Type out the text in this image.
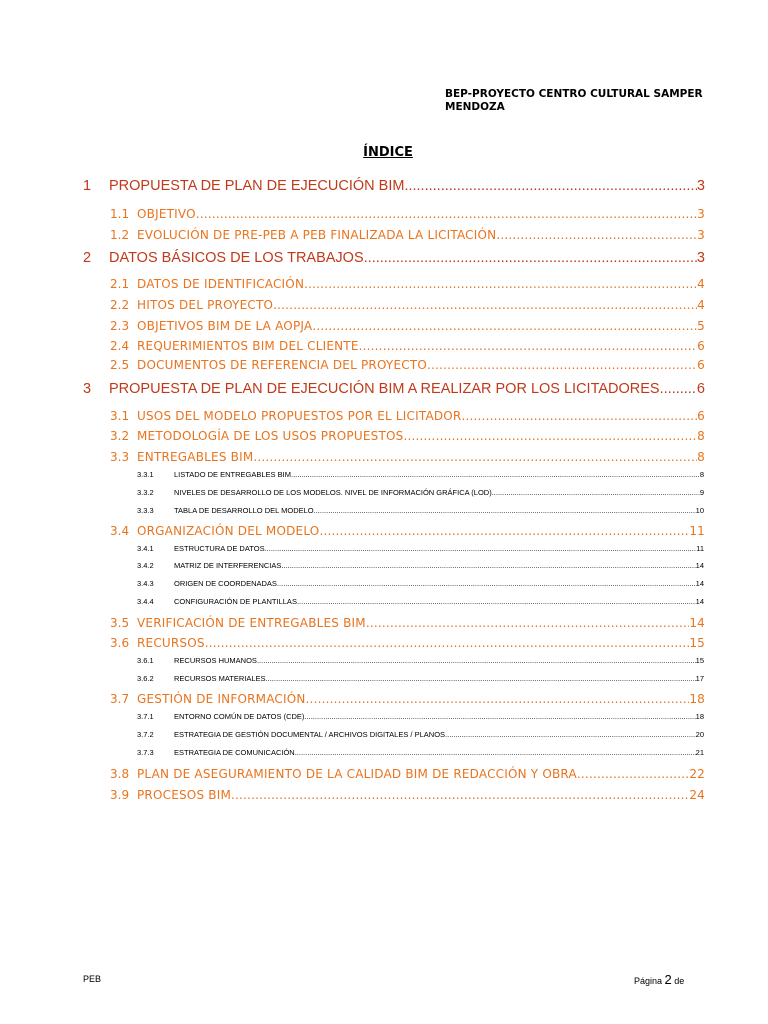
BEP-PROYECTO CENTRO CULTURAL SAMPER MENDOZA
ÍNDICE
1	PROPUESTA DE PLAN DE EJECUCIÓN BIM .....	3
1.1 OBJETIVO .....	3
1.2 EVOLUCIÓN DE PRE-PEB A PEB FINALIZADA LA LICITACIÓN .....	3
2	DATOS BÁSICOS DE LOS TRABAJOS .....	3
2.1 DATOS DE IDENTIFICACIÓN .....	4
2.2 HITOS DEL PROYECTO .....	4
2.3 OBJETIVOS BIM DE LA AOPJA .....	5
2.4 REQUERIMIENTOS BIM DEL CLIENTE .....	6
2.5 DOCUMENTOS DE REFERENCIA DEL PROYECTO .....	6
3	PROPUESTA DE PLAN DE EJECUCIÓN BIM A REALIZAR POR LOS LICITADORES .....	6
3.1 USOS DEL MODELO PROPUESTOS POR EL LICITADOR .....	6
3.2 METODOLOGÍA DE LOS USOS PROPUESTOS .....	8
3.3 ENTREGABLES BIM .....	8
3.3.1	LISTADO DE ENTREGABLES BIM .....	8
3.3.2	NIVELES DE DESARROLLO DE LOS MODELOS. NIVEL DE INFORMACIÓN GRÁFICA (LOD) .....	9
3.3.3	TABLA DE DESARROLLO DEL MODELO .....	10
3.4 ORGANIZACIÓN DEL MODELO .....	11
3.4.1	ESTRUCTURA DE DATOS .....	11
3.4.2	MATRIZ DE INTERFERENCIAS .....	14
3.4.3	ORIGEN DE COORDENADAS .....	14
3.4.4	CONFIGURACIÓN DE PLANTILLAS .....	14
3.5 VERIFICACIÓN DE ENTREGABLES BIM .....	14
3.6 RECURSOS .....	15
3.6.1	RECURSOS HUMANOS .....	15
3.6.2	RECURSOS MATERIALES .....	17
3.7 GESTIÓN DE INFORMACIÓN .....	18
3.7.1	ENTORNO COMÚN DE DATOS (CDE) .....	18
3.7.2	ESTRATEGIA DE GESTIÓN DOCUMENTAL / ARCHIVOS DIGITALES / PLANOS .....	20
3.7.3	ESTRATEGIA DE COMUNICACIÓN .....	21
3.8 PLAN DE ASEGURAMIENTO DE LA CALIDAD BIM DE REDACCIÓN Y OBRA .....	22
3.9 PROCESOS BIM .....	24
PEB	Página 2 de
